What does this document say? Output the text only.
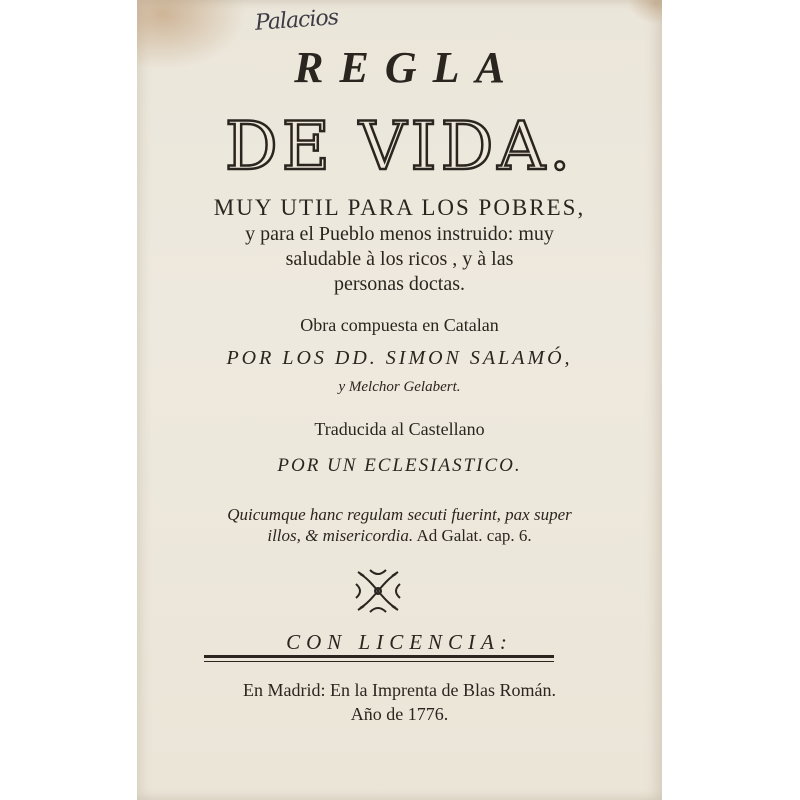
Palacios
REGLA
DE VIDA.
MUY UTIL PARA LOS POBRES,
y para el Pueblo menos instruido: muy
saludable à los ricos , y à las
personas doctas.
Obra compuesta en Catalan
POR LOS DD. SIMON SALAMÓ,
y Melchor Gelabert.
Traducida al Castellano
POR UN ECLESIASTICO.
Quicumque hanc regulam secuti fuerint, pax super
illos, & misericordia. Ad Galat. cap. 6.
CON LICENCIA:
En Madrid: En la Imprenta de Blas Román.
Año de 1776.
